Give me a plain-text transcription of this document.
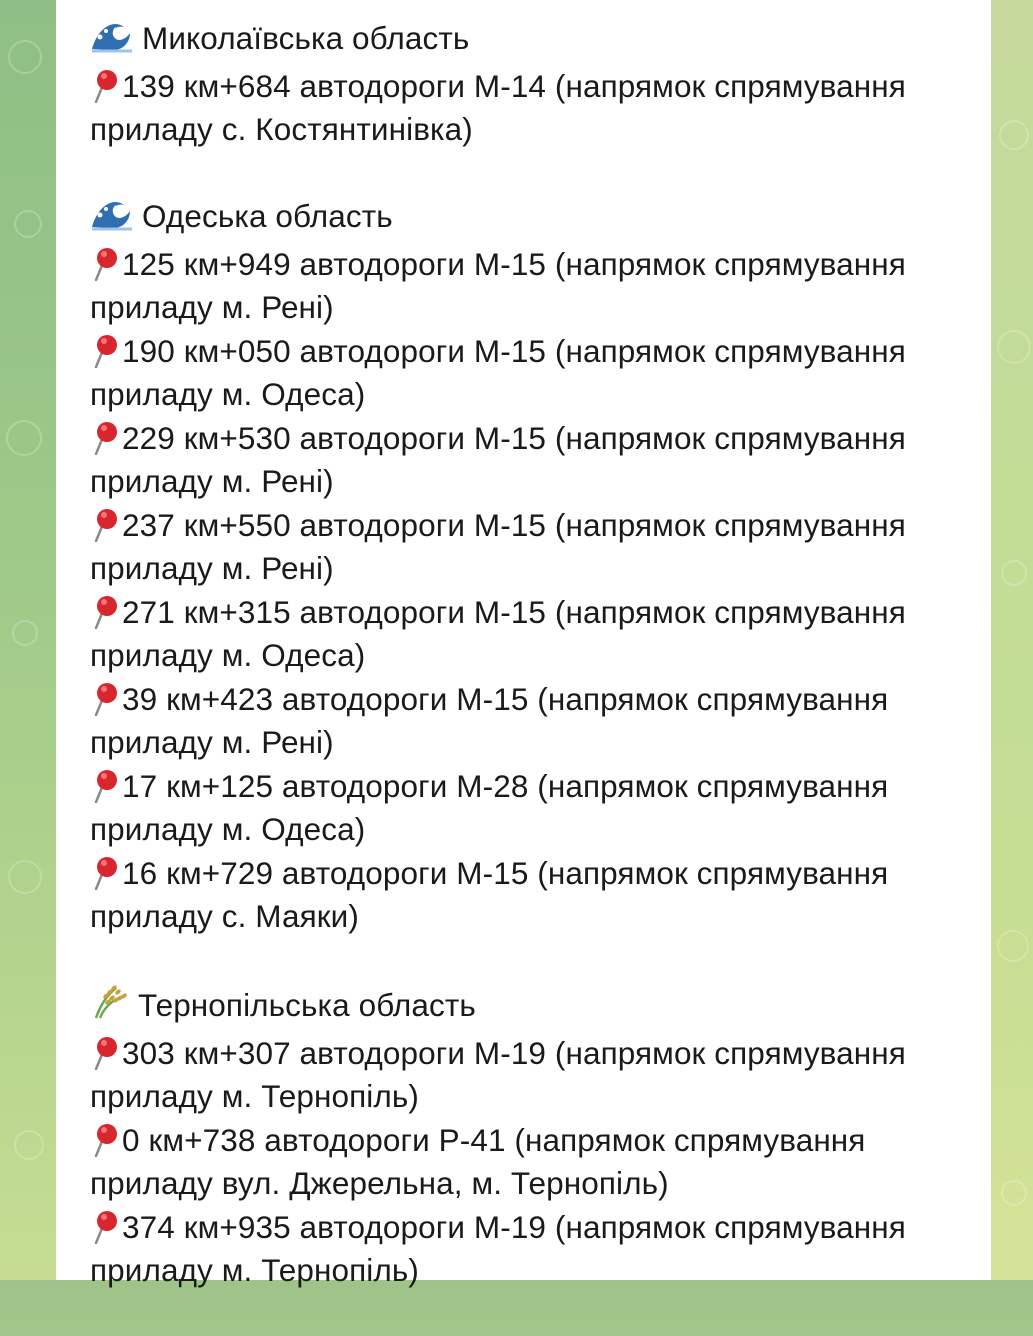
Миколаївська область
139 км+684 автодороги М-14 (напрямок спрямування приладу с. Костянтинівка)
Одеська область
125 км+949 автодороги М-15 (напрямок спрямування приладу м. Рені)
190 км+050 автодороги М-15 (напрямок спрямування приладу м. Одеса)
229 км+530 автодороги М-15 (напрямок спрямування приладу м. Рені)
237 км+550 автодороги М-15 (напрямок спрямування приладу м. Рені)
271 км+315 автодороги М-15 (напрямок спрямування приладу м. Одеса)
39 км+423 автодороги М-15 (напрямок спрямування приладу м. Рені)
17 км+125 автодороги М-28 (напрямок спрямування приладу м. Одеса)
16 км+729 автодороги М-15 (напрямок спрямування приладу с. Маяки)
Тернопільська область
303 км+307 автодороги М-19 (напрямок спрямування приладу м. Тернопіль)
0 км+738 автодороги Р-41 (напрямок спрямування приладу вул. Джерельна, м. Тернопіль)
374 км+935 автодороги М-19 (напрямок спрямування приладу м. Тернопіль)
